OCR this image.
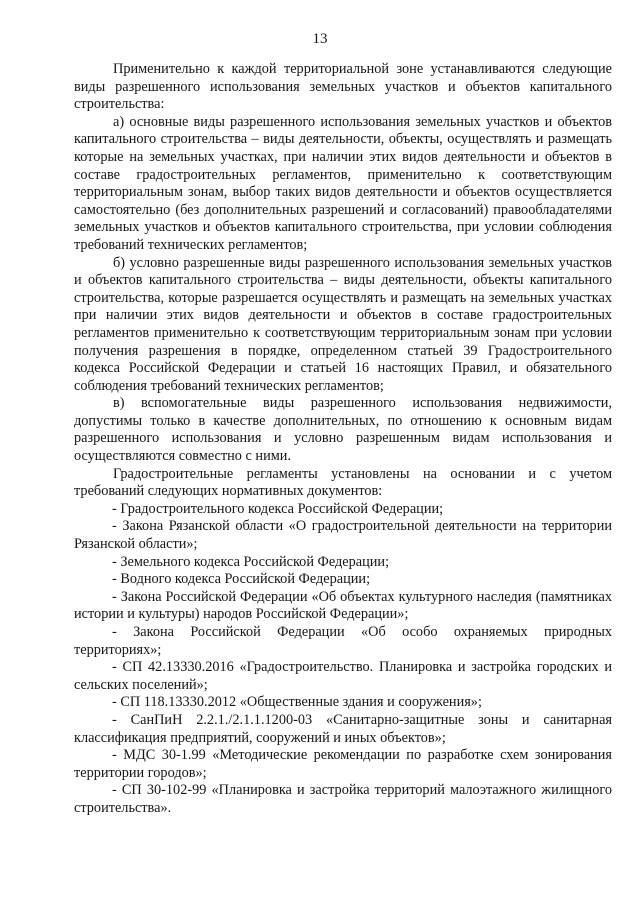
13

Применительно к каждой территориальной зоне устанавливаются следующие виды разрешенного использования земельных участков и объектов капитального строительства:

а) основные виды разрешенного использования земельных участков и объектов капитального строительства – виды деятельности, объекты, осуществлять и размещать которые на земельных участках, при наличии этих видов деятельности и объектов в составе градостроительных регламентов, применительно к соответствующим территориальным зонам, выбор таких видов деятельности и объектов осуществляется самостоятельно (без дополнительных разрешений и согласований) правообладателями земельных участков и объектов капитального строительства, при условии соблюдения требований технических регламентов;

б) условно разрешенные виды разрешенного использования земельных участков и объектов капитального строительства – виды деятельности, объекты капитального строительства, которые разрешается осуществлять и размещать на земельных участках при наличии этих видов деятельности и объектов в составе градостроительных регламентов применительно к соответствующим территориальным зонам при условии получения разрешения в порядке, определенном статьей 39 Градостроительного кодекса Российской Федерации и статьей 16 настоящих Правил, и обязательного соблюдения требований технических регламентов;

в) вспомогательные виды разрешенного использования недвижимости, допустимы только в качестве дополнительных, по отношению к основным видам разрешенного использования и условно разрешенным видам использования и осуществляются совместно с ними.

Градостроительные регламенты установлены на основании и с учетом требований следующих нормативных документов:

- Градостроительного кодекса Российской Федерации;

- Закона Рязанской области «О градостроительной деятельности на территории Рязанской области»;

- Земельного кодекса Российской Федерации;

- Водного кодекса Российской Федерации;

- Закона Российской Федерации «Об объектах культурного наследия (памятниках истории и культуры) народов Российской Федерации»;

- Закона Российской Федерации «Об особо охраняемых природных территориях»;

- СП 42.13330.2016 «Градостроительство. Планировка и застройка городских и сельских поселений»;

- СП 118.13330.2012 «Общественные здания и сооружения»;

- СанПиН 2.2.1./2.1.1.1200-03 «Санитарно-защитные зоны и санитарная классификация предприятий, сооружений и иных объектов»;

- МДС 30-1.99 «Методические рекомендации по разработке схем зонирования территории городов»;

- СП 30-102-99 «Планировка и застройка территорий малоэтажного жилищного строительства».
